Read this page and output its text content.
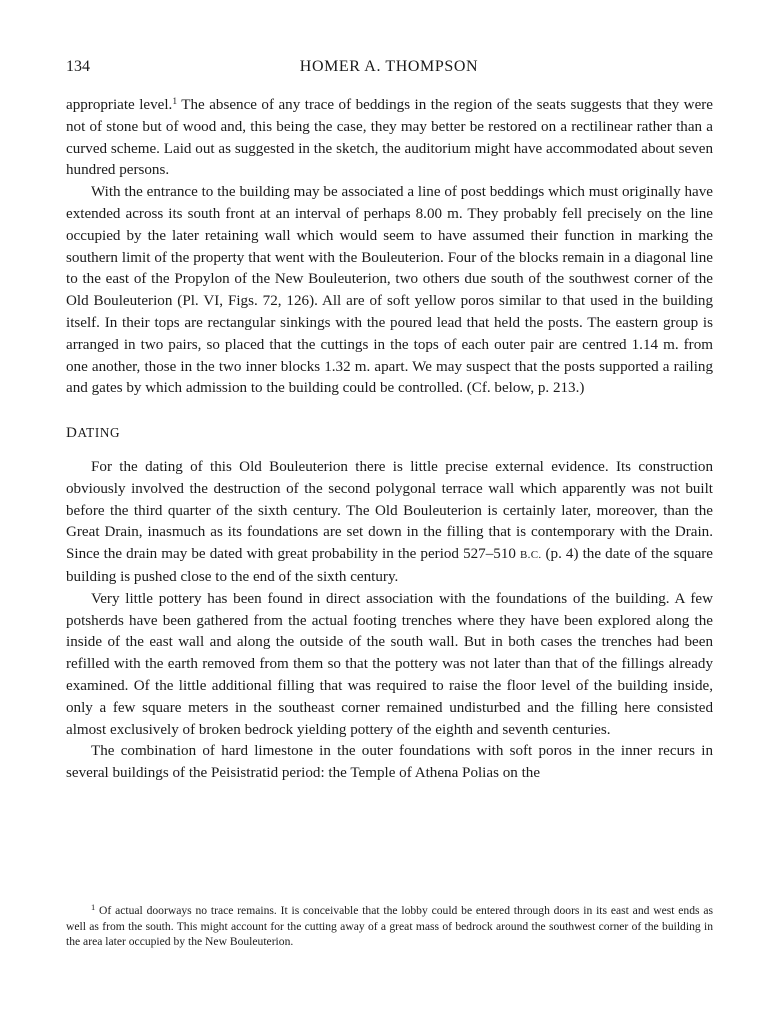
134	HOMER A. THOMPSON

appropriate level.$^1$ The absence of any trace of beddings in the region of the seats suggests that they were not of stone but of wood and, this being the case, they may better be restored on a rectilinear rather than a curved scheme. Laid out as suggested in the sketch, the auditorium might have accommodated about seven hundred persons.

With the entrance to the building may be associated a line of post beddings which must originally have extended across its south front at an interval of perhaps 8.00 m. They probably fell precisely on the line occupied by the later retaining wall which would seem to have assumed their function in marking the southern limit of the property that went with the Bouleuterion. Four of the blocks remain in a diagonal line to the east of the Propylon of the New Bouleuterion, two others due south of the southwest corner of the Old Bouleuterion (Pl. VI, Figs. 72, 126). All are of soft yellow poros similar to that used in the building itself. In their tops are rectangular sinkings with the poured lead that held the posts. The eastern group is arranged in two pairs, so placed that the cuttings in the tops of each outer pair are centred 1.14 m. from one another, those in the two inner blocks 1.32 m. apart. We may suspect that the posts supported a railing and gates by which admission to the building could be controlled. (Cf. below, p. 213.)

DATING

For the dating of this Old Bouleuterion there is little precise external evidence. Its construction obviously involved the destruction of the second polygonal terrace wall which apparently was not built before the third quarter of the sixth century. The Old Bouleuterion is certainly later, moreover, than the Great Drain, inasmuch as its foundations are set down in the filling that is contemporary with the Drain. Since the drain may be dated with great probability in the period 527–510 B.C. (p. 4) the date of the square building is pushed close to the end of the sixth century.

Very little pottery has been found in direct association with the foundations of the building. A few potsherds have been gathered from the actual footing trenches where they have been explored along the inside of the east wall and along the outside of the south wall. But in both cases the trenches had been refilled with the earth removed from them so that the pottery was not later than that of the fillings already examined. Of the little additional filling that was required to raise the floor level of the building inside, only a few square meters in the southeast corner remained undisturbed and the filling here consisted almost exclusively of broken bedrock yielding pottery of the eighth and seventh centuries.

The combination of hard limestone in the outer foundations with soft poros in the inner recurs in several buildings of the Peisistratid period: the Temple of Athena Polias on the

$^1$ Of actual doorways no trace remains. It is conceivable that the lobby could be entered through doors in its east and west ends as well as from the south. This might account for the cutting away of a great mass of bedrock around the southwest corner of the building in the area later occupied by the New Bouleuterion.
